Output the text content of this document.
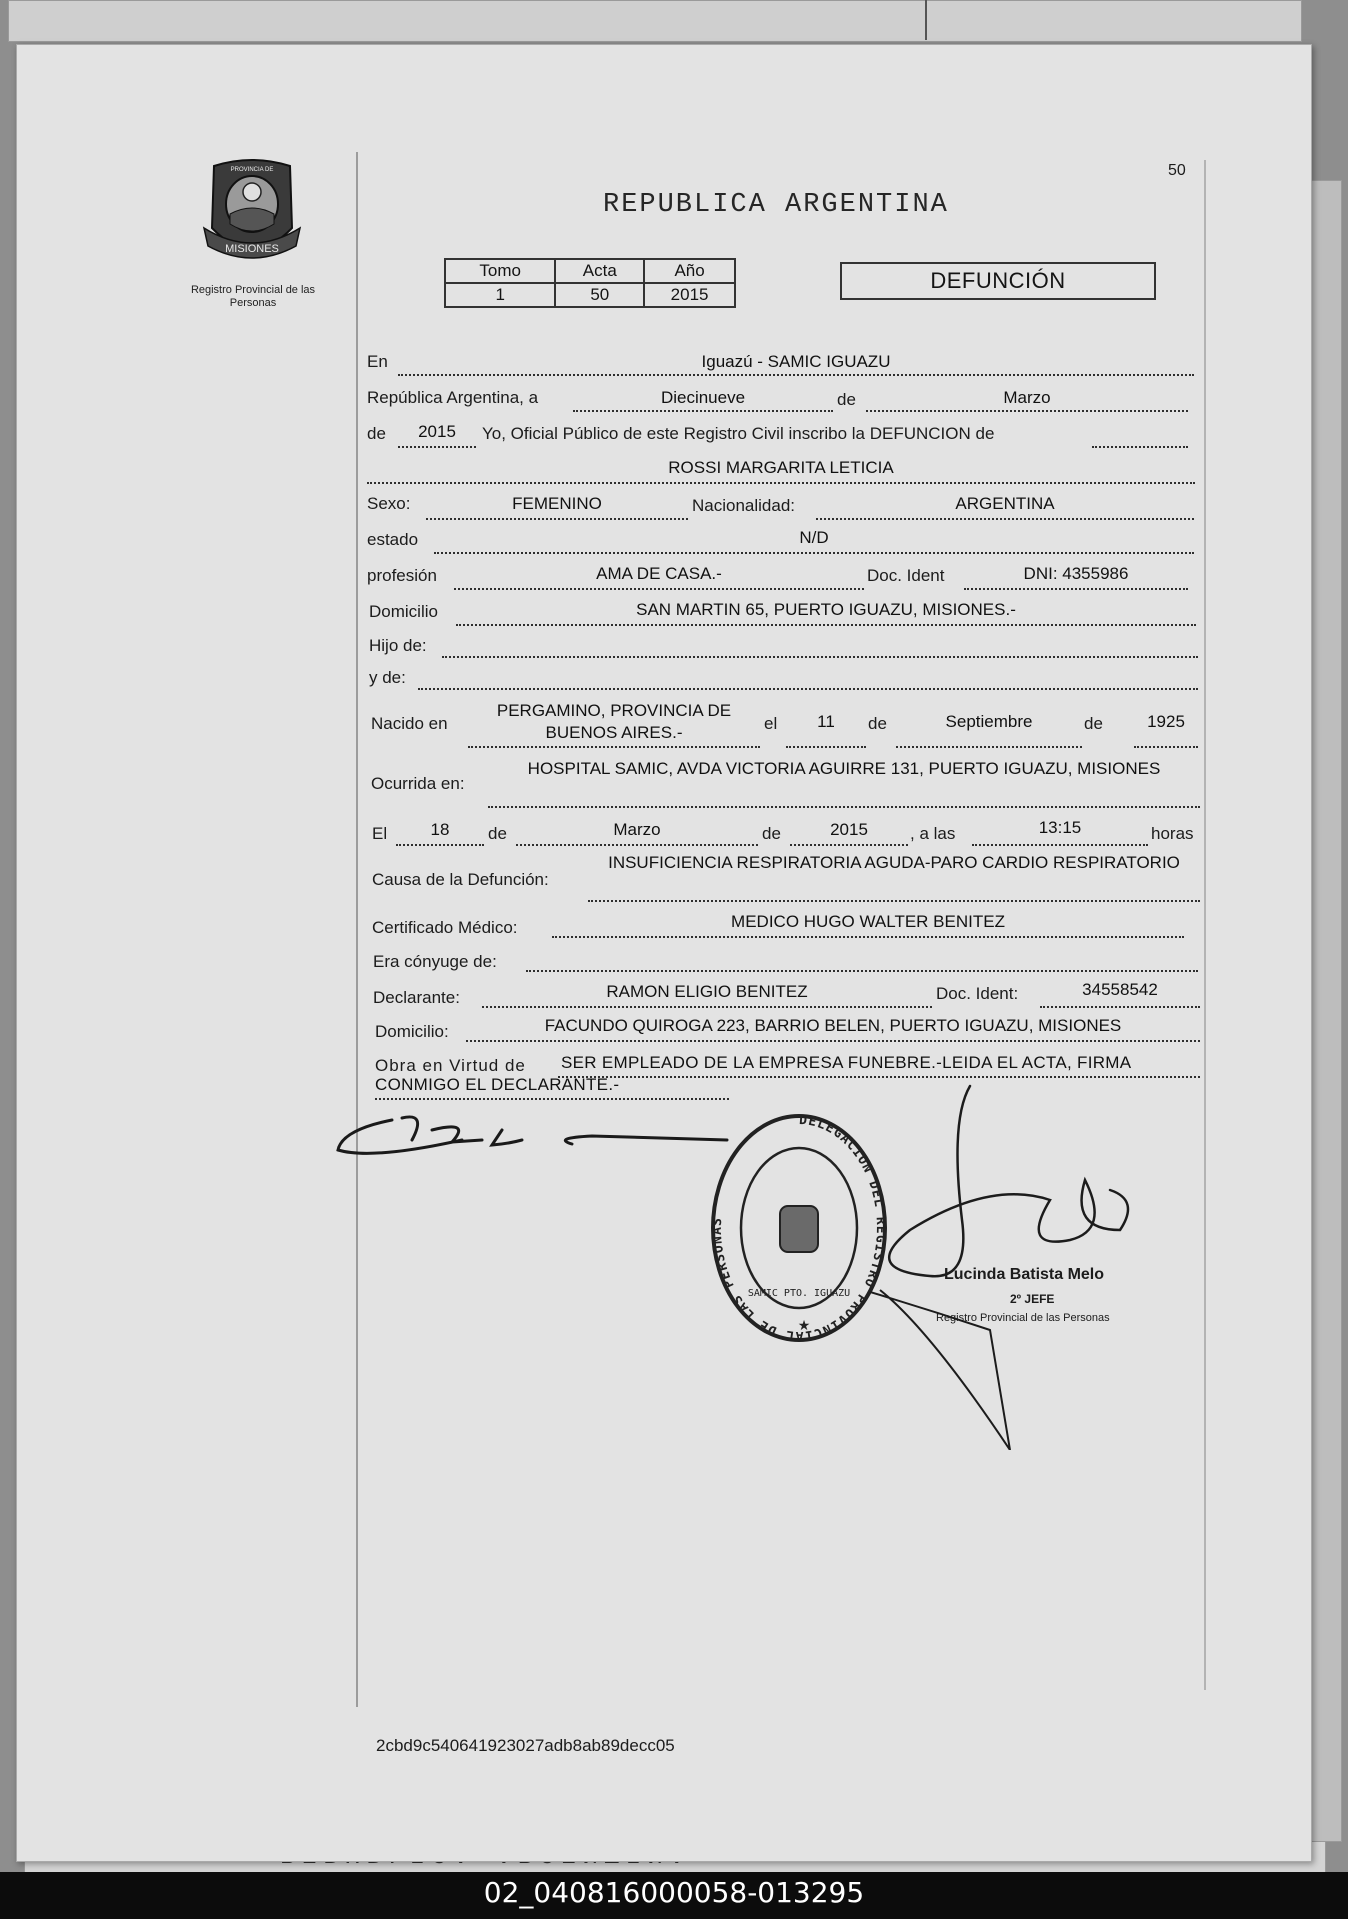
50
MISIONES
PROVINCIA DE
Registro Provincial de las Personas
REPUBLICA ARGENTINA
Tomo	Acta	Año
1	50	2015
DEFUNCIÓN
En	Iguazú - SAMIC IGUAZU
República Argentina, a	Diecinueve	de	Marzo
de	2015	Yo, Oficial Público de este Registro Civil inscribo la DEFUNCION de
ROSSI MARGARITA LETICIA
Sexo:	FEMENINO	Nacionalidad:	ARGENTINA
estado	N/D
profesión	AMA DE CASA.-	Doc. Ident	DNI: 4355986
Domicilio	SAN MARTIN 65, PUERTO IGUAZU, MISIONES.-
Hijo de:
y de:
Nacido en
PERGAMINO, PROVINCIA DE BUENOS AIRES.-	el	11	de	Septiembre	de	1925
Ocurrida en:
HOSPITAL SAMIC, AVDA VICTORIA AGUIRRE 131, PUERTO IGUAZU, MISIONES
El	18	de	Marzo	de	2015	, a las	13:15	horas
Causa de la Defunción:
INSUFICIENCIA RESPIRATORIA AGUDA-PARO CARDIO RESPIRATORIO
Certificado Médico:	MEDICO HUGO WALTER BENITEZ
Era cónyuge de:
Declarante:	RAMON ELIGIO BENITEZ	Doc. Ident:	34558542
Domicilio:	FACUNDO QUIROGA 223, BARRIO BELEN, PUERTO IGUAZU, MISIONES
Obra en Virtud de	SER EMPLEADO DE LA EMPRESA FUNEBRE.-LEIDA EL ACTA, FIRMA CONMIGO EL DECLARANTE.-
DELEGACION DEL REGISTRO PROVINCIAL DE LAS PERSONAS
SAMIC PTO. IGUAZU
★
Lucinda Batista Melo
2º JEFE
Registro Provincial de las Personas
2cbd9c540641923027adb8ab89decc05
02_040816000058-013295
